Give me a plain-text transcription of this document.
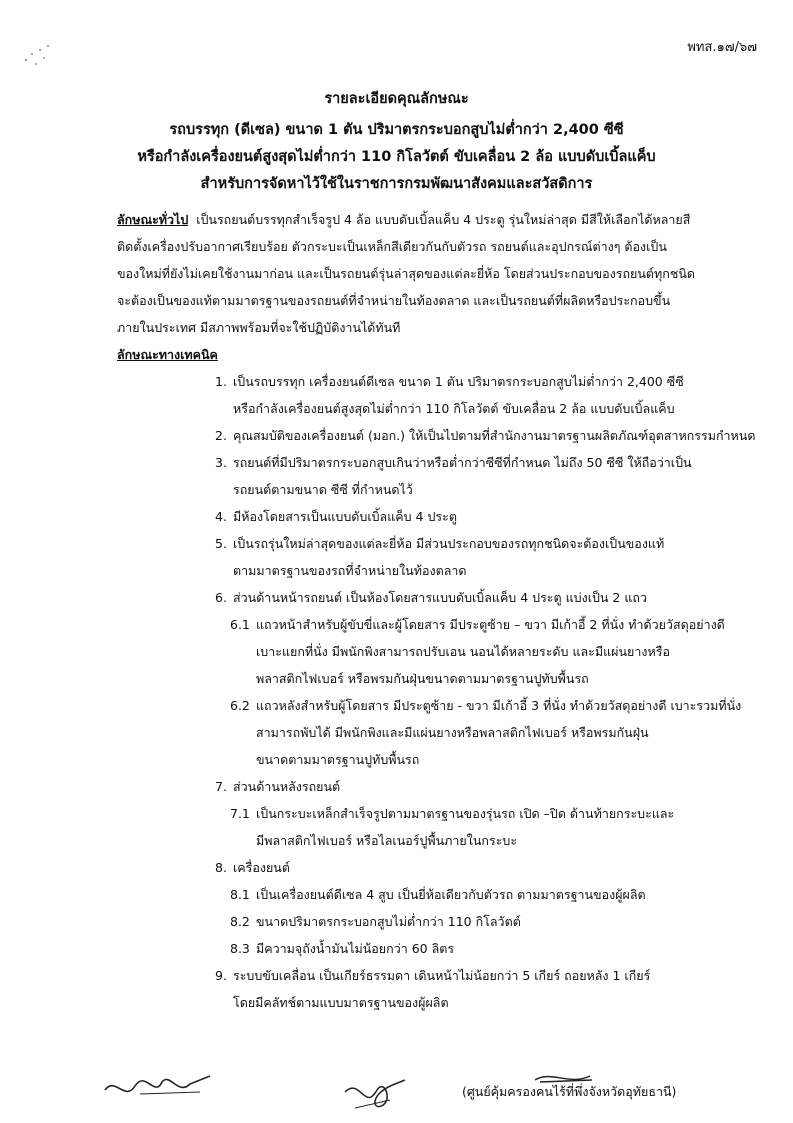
พทส.๑๗/๖๗
รายละเอียดคุณลักษณะ
รถบรรทุก (ดีเซล) ขนาด 1 ตัน ปริมาตรกระบอกสูบไม่ต่ำกว่า 2,400 ซีซี
หรือกำลังเครื่องยนต์สูงสุดไม่ต่ำกว่า 110 กิโลวัตต์ ขับเคลื่อน 2 ล้อ แบบดับเบิ้ลแค็บ
สำหรับการจัดหาไว้ใช้ในราชการกรมพัฒนาสังคมและสวัสดิการ
ลักษณะทั่วไป เป็นรถยนต์บรรทุกสำเร็จรูป 4 ล้อ แบบดับเบิ้ลแค็บ 4 ประตู รุ่นใหม่ล่าสุด มีสีให้เลือกได้หลายสี
ติดตั้งเครื่องปรับอากาศเรียบร้อย ตัวกระบะเป็นเหล็กสีเดียวกันกับตัวรถ รถยนต์และอุปกรณ์ต่างๆ ต้องเป็น
ของใหม่ที่ยังไม่เคยใช้งานมาก่อน และเป็นรถยนต์รุ่นล่าสุดของแต่ละยี่ห้อ โดยส่วนประกอบของรถยนต์ทุกชนิด
จะต้องเป็นของแท้ตามมาตรฐานของรถยนต์ที่จำหน่ายในท้องตลาด และเป็นรถยนต์ที่ผลิตหรือประกอบขึ้น
ภายในประเทศ มีสภาพพร้อมที่จะใช้ปฏิบัติงานได้ทันที
ลักษณะทางเทคนิค
1. เป็นรถบรรทุก เครื่องยนต์ดีเซล ขนาด 1 ตัน ปริมาตรกระบอกสูบไม่ต่ำกว่า 2,400 ซีซี
หรือกำลังเครื่องยนต์สูงสุดไม่ต่ำกว่า 110 กิโลวัตต์ ขับเคลื่อน 2 ล้อ แบบดับเบิ้ลแค็บ
2. คุณสมบัติของเครื่องยนต์ (มอก.) ให้เป็นไปตามที่สำนักงานมาตรฐานผลิตภัณฑ์อุตสาหกรรมกำหนด
3. รถยนต์ที่มีปริมาตรกระบอกสูบเกินว่าหรือต่ำกว่าซีซีที่กำหนด ไม่ถึง 50 ซีซี ให้ถือว่าเป็น
รถยนต์ตามขนาด ซีซี ที่กำหนดไว้
4. มีห้องโดยสารเป็นแบบดับเบิ้ลแค็บ 4 ประตู
5. เป็นรถรุ่นใหม่ล่าสุดของแต่ละยี่ห้อ มีส่วนประกอบของรถทุกชนิดจะต้องเป็นของแท้
ตามมาตรฐานของรถที่จำหน่ายในท้องตลาด
6. ส่วนด้านหน้ารถยนต์ เป็นห้องโดยสารแบบดับเบิ้ลแค็บ 4 ประตู แบ่งเป็น 2 แถว
6.1 แถวหน้าสำหรับผู้ขับขี่และผู้โดยสาร มีประตูซ้าย – ขวา มีเก้าอี้ 2 ที่นั่ง ทำด้วยวัสดุอย่างดี
เบาะแยกที่นั่ง มีพนักพิงสามารถปรับเอน นอนได้หลายระดับ และมีแผ่นยางหรือ
พลาสติกไฟเบอร์ หรือพรมกันฝุ่นขนาดตามมาตรฐานปูทับพื้นรถ
6.2 แถวหลังสำหรับผู้โดยสาร มีประตูซ้าย - ขวา มีเก้าอี้ 3 ที่นั่ง ทำด้วยวัสดุอย่างดี เบาะรวมที่นั่ง
สามารถพับได้ มีพนักพิงและมีแผ่นยางหรือพลาสติกไฟเบอร์ หรือพรมกันฝุ่น
ขนาดตามมาตรฐานปูทับพื้นรถ
7. ส่วนด้านหลังรถยนต์
7.1 เป็นกระบะเหล็กสำเร็จรูปตามมาตรฐานของรุ่นรถ เปิด –ปิด ด้านท้ายกระบะและ
มีพลาสติกไฟเบอร์ หรือไลเนอร์ปูพื้นภายในกระบะ
8. เครื่องยนต์
8.1 เป็นเครื่องยนต์ดีเซล 4 สูบ เป็นยี่ห้อเดียวกับตัวรถ ตามมาตรฐานของผู้ผลิต
8.2 ขนาดปริมาตรกระบอกสูบไม่ต่ำกว่า 110 กิโลวัตต์
8.3 มีความจุถังน้ำมันไม่น้อยกว่า 60 ลิตร
9. ระบบขับเคลื่อน เป็นเกียร์ธรรมดา เดินหน้าไม่น้อยกว่า 5 เกียร์ ถอยหลัง 1 เกียร์
โดยมีคลัทช์ตามแบบมาตรฐานของผู้ผลิต
(ศูนย์คุ้มครองคนไร้ที่พึ่งจังหวัดอุทัยธานี)
